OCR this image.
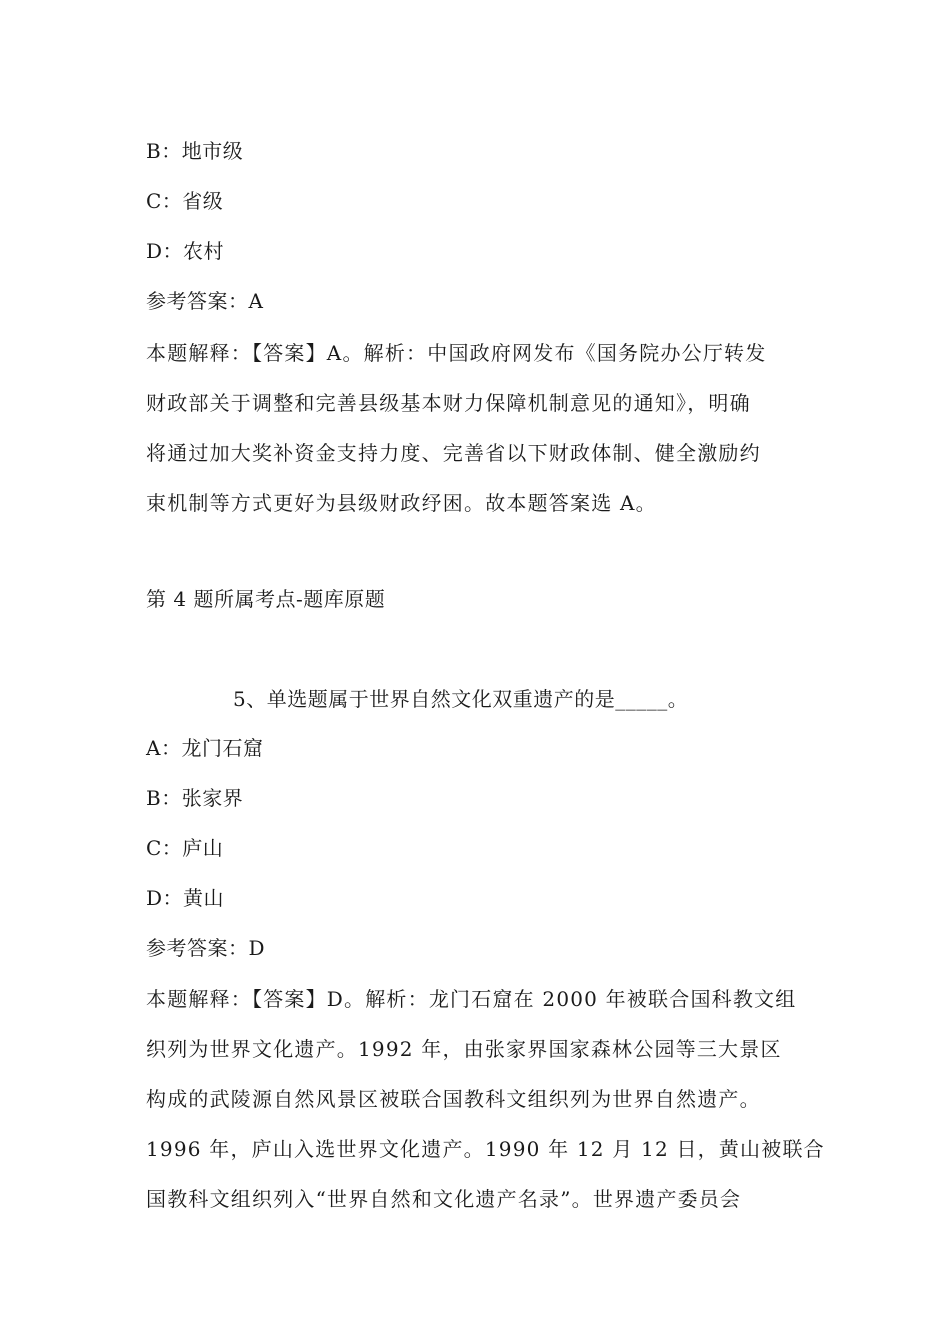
B：地市级
C：省级
D：农村
参考答案：A
本题解释：【答案】A。解析：中国政府网发布《国务院办公厅转发
财政部关于调整和完善县级基本财力保障机制意见的通知》，明确
将通过加大奖补资金支持力度、完善省以下财政体制、健全激励约
束机制等方式更好为县级财政纾困。故本题答案选 A。
第 4 题所属考点-题库原题
5、单选题属于世界自然文化双重遗产的是_____。
A：龙门石窟
B：张家界
C：庐山
D：黄山
参考答案：D
本题解释：【答案】D。解析：龙门石窟在 2000 年被联合国科教文组
织列为世界文化遗产。1992 年，由张家界国家森林公园等三大景区
构成的武陵源自然风景区被联合国教科文组织列为世界自然遗产。
1996 年，庐山入选世界文化遗产。1990 年 12 月 12 日，黄山被联合
国教科文组织列入“世界自然和文化遗产名录”。世界遗产委员会
